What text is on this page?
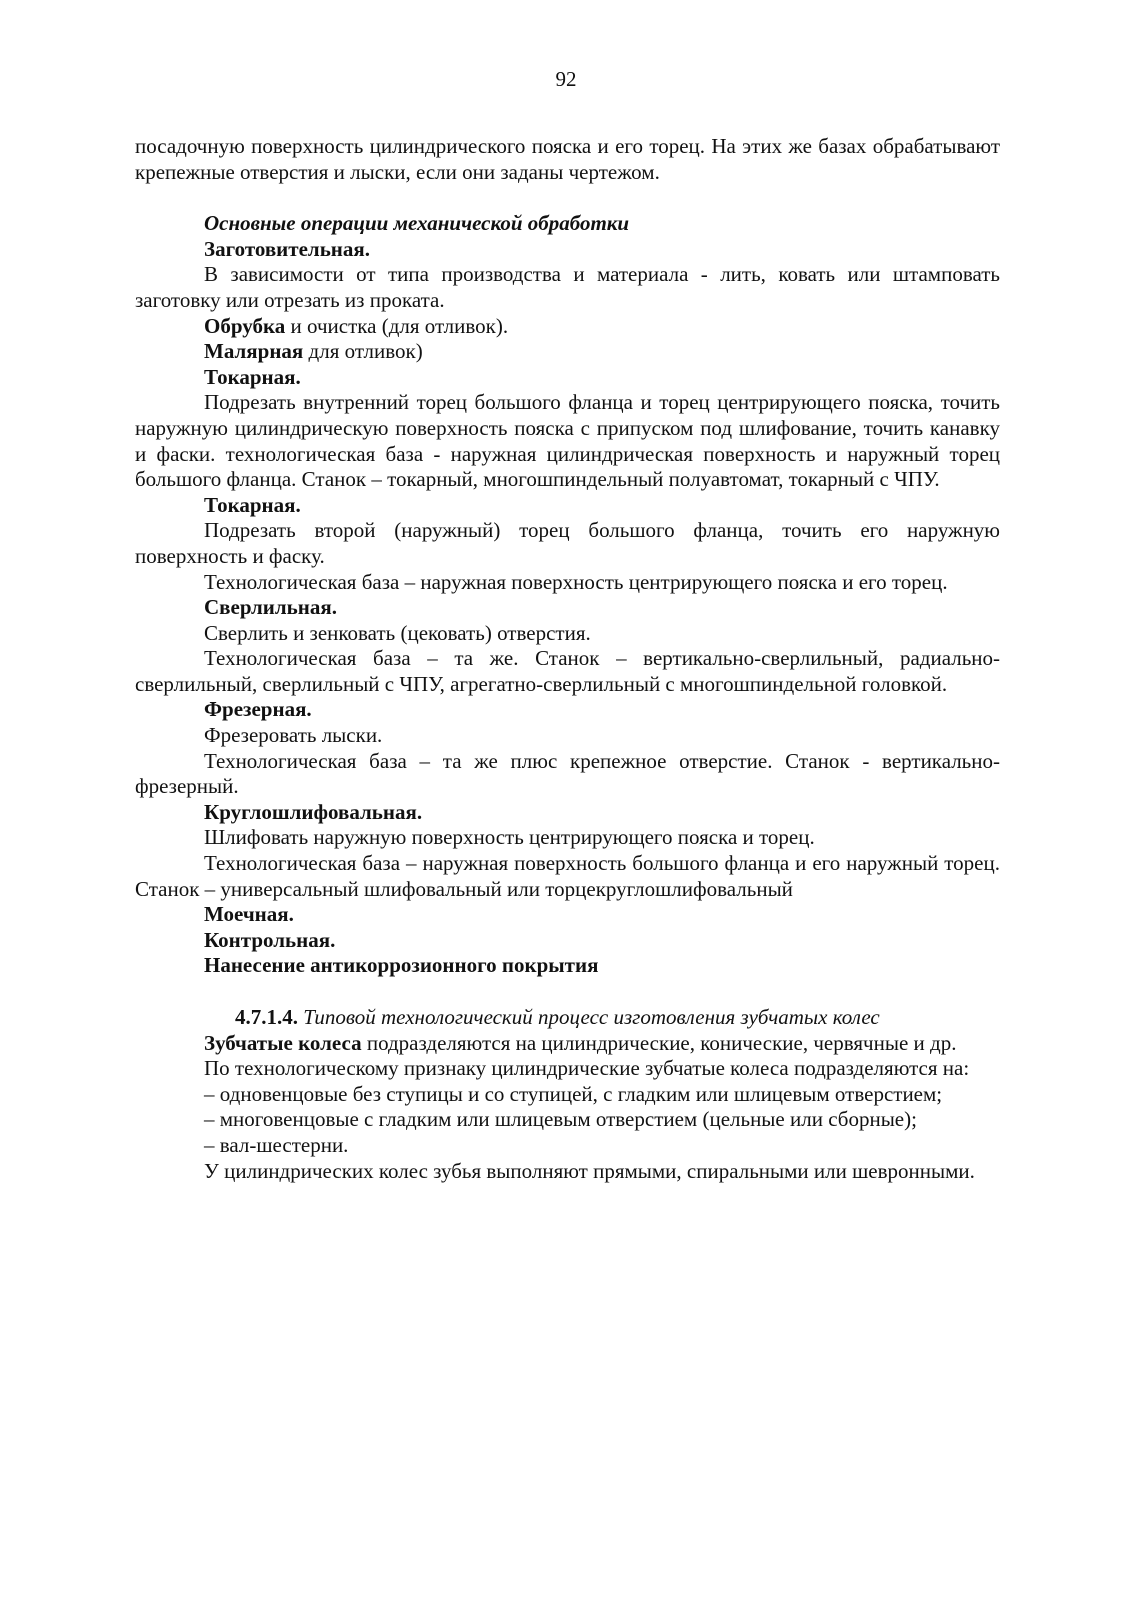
92

посадочную поверхность цилиндрического пояска и его торец. На этих же базах обрабатывают крепежные отверстия и лыски, если они заданы чертежом.

Основные операции механической обработки

Заготовительная.

В зависимости от типа производства и материала - лить, ковать или штамповать заготовку или отрезать из проката.

Обрубка и очистка (для отливок).

Малярная для отливок)

Токарная.

Подрезать внутренний торец большого фланца и торец центрирующего пояска, точить наружную цилиндрическую поверхность пояска с припуском под шлифование, точить канавку и фаски. технологическая база - наружная цилиндрическая поверхность и наружный торец большого фланца. Станок – токарный, многошпиндельный полуавтомат, токарный с ЧПУ.

Токарная.

Подрезать второй (наружный) торец большого фланца, точить его наружную поверхность и фаску.

Технологическая база – наружная поверхность центрирующего пояска и его торец.

Сверлильная.

Сверлить и зенковать (цековать) отверстия.

Технологическая база – та же. Станок – вертикально-сверлильный, радиально-сверлильный, сверлильный с ЧПУ, агрегатно-сверлильный с многошпиндельной головкой.

Фрезерная.

Фрезеровать лыски.

Технологическая база – та же плюс крепежное отверстие. Станок - вертикально-фрезерный.

Круглошлифовальная.

Шлифовать наружную поверхность центрирующего пояска и торец.

Технологическая база – наружная поверхность большого фланца и его наружный торец. Станок – универсальный шлифовальный или торцекруглошлифовальный

Моечная.

Контрольная.

Нанесение антикоррозионного покрытия

4.7.1.4. Типовой технологический процесс изготовления зубчатых колес

Зубчатые колеса подразделяются на цилиндрические, конические, червячные и др.

По технологическому признаку цилиндрические зубчатые колеса подразделяются на:

– одновенцовые без ступицы и со ступицей, с гладким или шлицевым отверстием;

– многовенцовые с гладким или шлицевым отверстием (цельные или сборные);

– вал-шестерни.

У цилиндрических колес зубья выполняют прямыми, спиральными или шевронными.
